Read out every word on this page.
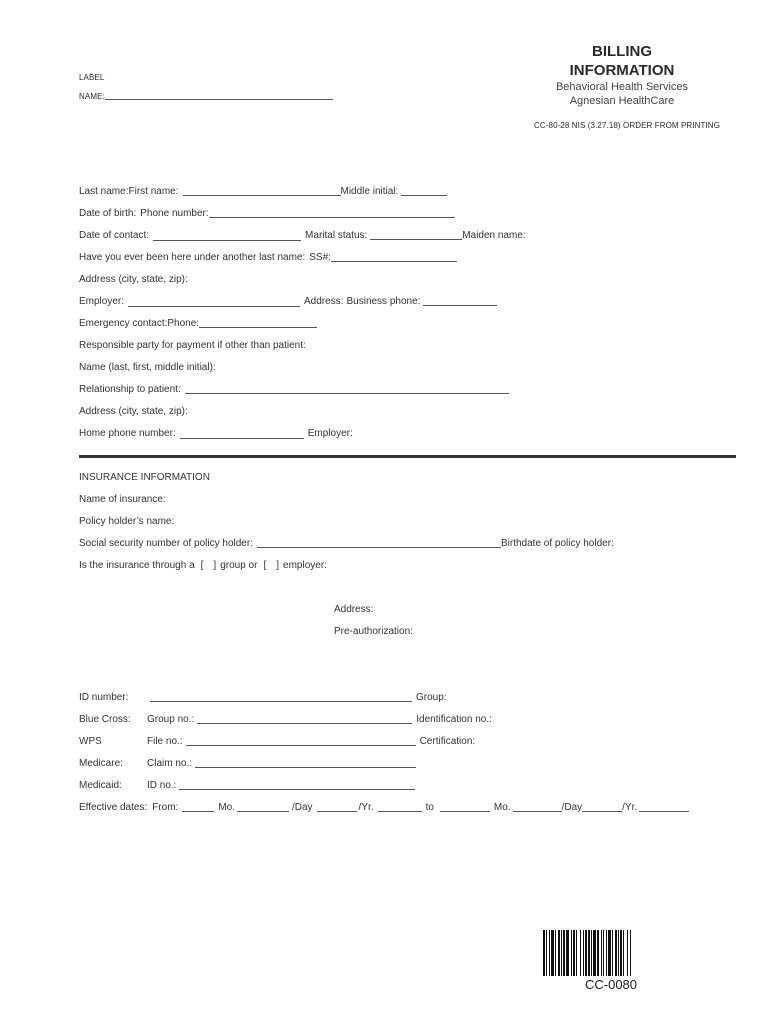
LABEL
NAME:
BILLING
INFORMATION
Behavioral Health Services
Agnesian HealthCare
CC-80-28 NIS (3.27.18) ORDER FROM PRINTING
Last name: First name:	Middle initial:
Date of birth: Phone number:
Date of contact:	Marital status:	Maiden name:
Have you ever been here under another last name: SS#:
Address (city, state, zip):
Employer:	Address: Business phone:
Emergency contact: Phone:
Responsible party for payment if other than patient:
Name (last, first, middle initial):
Relationship to patient:
Address (city, state, zip):
Home phone number:	Employer:
INSURANCE INFORMATION
Name of insurance:
Policy holder’s name:
Social security number of policy holder:	Birthdate of policy holder:
Is the insurance through a [ ] group or [ ] employer:
Address:
Pre-authorization:
ID number:	Group:
Blue Cross:	Group no.:	Identification no.:
WPS	File no.:	Certification:
Medicare:	Claim no.:
Medicaid:	ID no.:
Effective dates: From:	Mo.	/Day	/Yr.	to	Mo.	/Day	/Yr.
CC-0080
